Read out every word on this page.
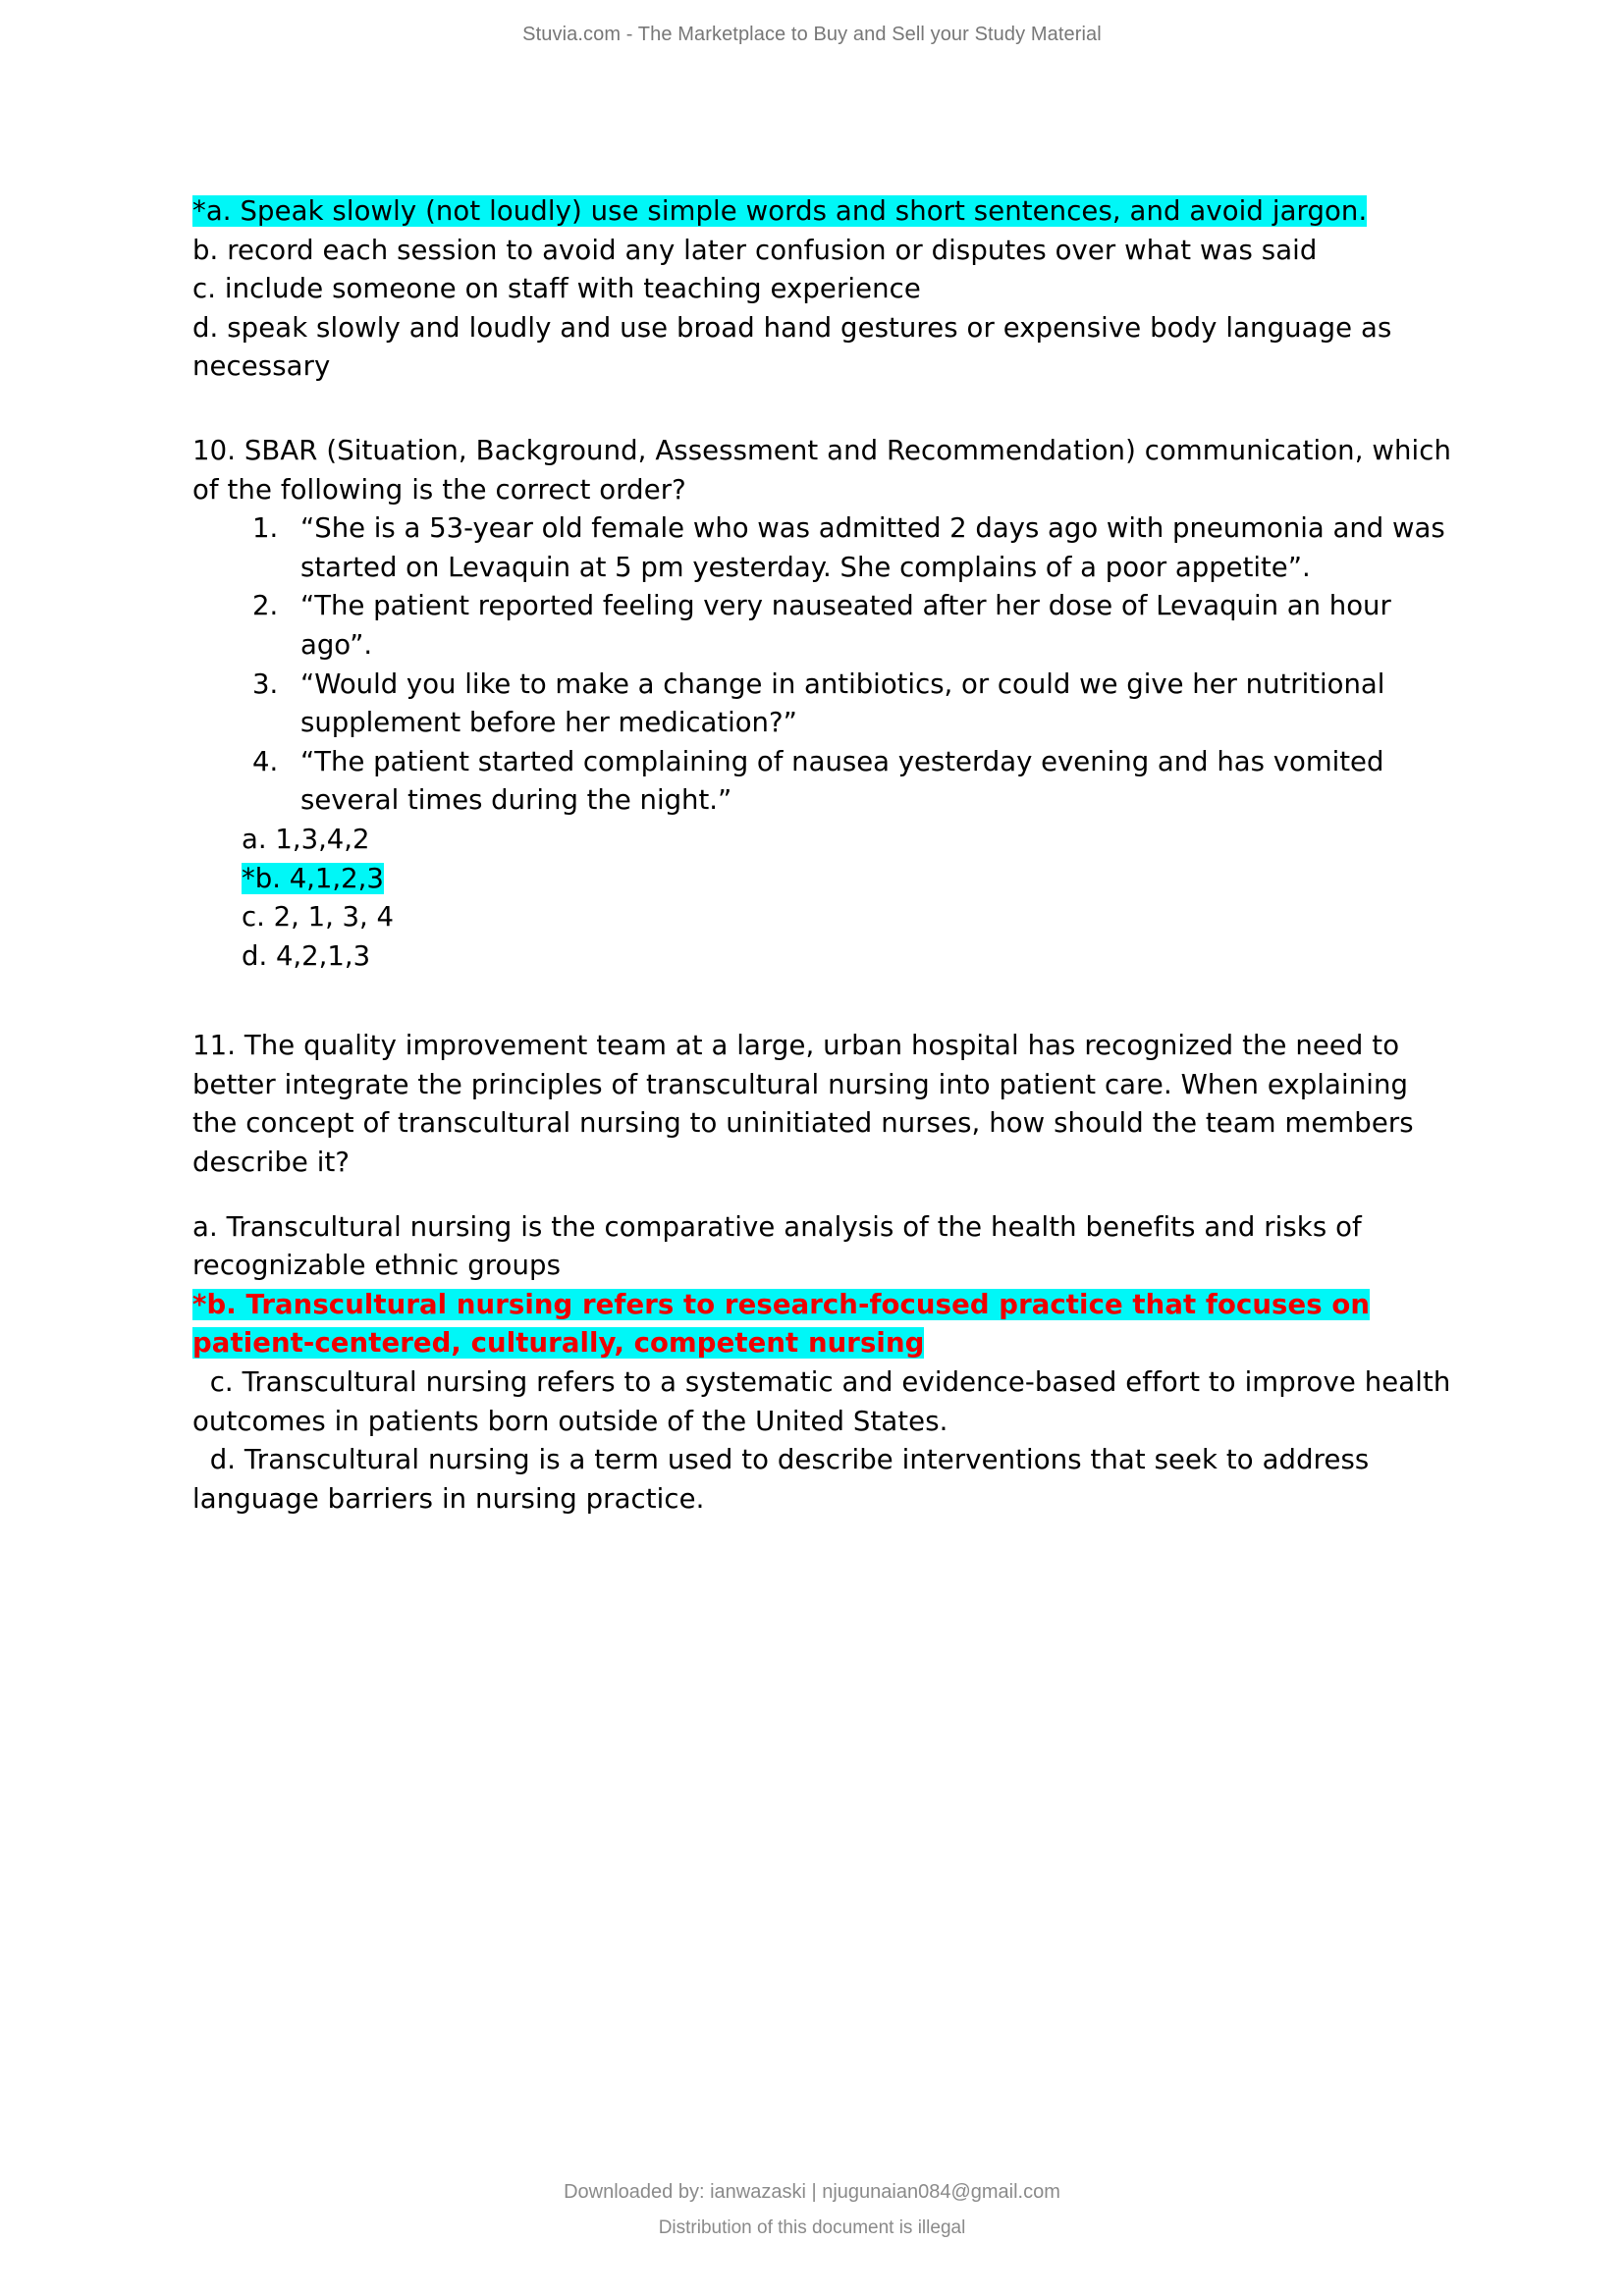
Stuvia.com - The Marketplace to Buy and Sell your Study Material

*a. Speak slowly (not loudly) use simple words and short sentences, and avoid jargon.

b. record each session to avoid any later confusion or disputes over what was said

c. include someone on staff with teaching experience

d. speak slowly and loudly and use broad hand gestures or expensive body language as necessary

10. SBAR (Situation, Background, Assessment and Recommendation) communication, which of the following is the correct order?

1. “She is a 53-year old female who was admitted 2 days ago with pneumonia and was started on Levaquin at 5 pm yesterday. She complains of a poor appetite”.
2. “The patient reported feeling very nauseated after her dose of Levaquin an hour ago”.
3. “Would you like to make a change in antibiotics, or could we give her nutritional supplement before her medication?”
4. “The patient started complaining of nausea yesterday evening and has vomited several times during the night.”

a. 1,3,4,2

*b. 4,1,2,3

c. 2, 1, 3, 4

d. 4,2,1,3

11. The quality improvement team at a large, urban hospital has recognized the need to better integrate the principles of transcultural nursing into patient care. When explaining the concept of transcultural nursing to uninitiated nurses, how should the team members describe it?

a. Transcultural nursing is the comparative analysis of the health benefits and risks of recognizable ethnic groups

*b. Transcultural nursing refers to research-focused practice that focuses on patient-centered, culturally, competent nursing

c. Transcultural nursing refers to a systematic and evidence-based effort to improve health outcomes in patients born outside of the United States.

d. Transcultural nursing is a term used to describe interventions that seek to address language barriers in nursing practice.

Downloaded by: ianwazaski | njugunaian084@gmail.com
Distribution of this document is illegal
